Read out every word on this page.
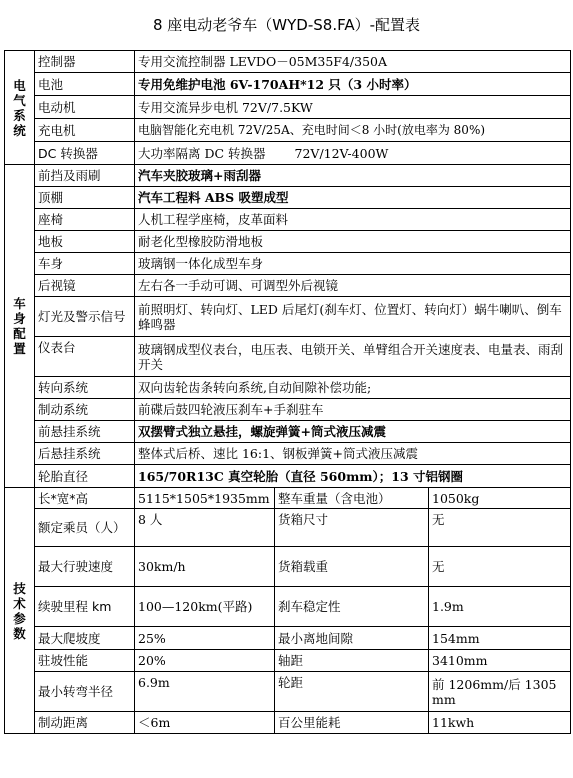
8 座电动老爷车（WYD-S8.FA）-配置表
电气系统	控制器	专用交流控制器 LEVDO－05M35F4/350A		
	电池	专用免维护电池 6V-170AH*12 只（3 小时率）		
	电动机	专用交流异步电机 72V/7.5KW		
	充电机	电脑智能化充电机 72V/25A、充电时间＜8 小时(放电率为 80%)		
	DC 转换器	大功率隔离 DC 转换器　　 72V/12V-400W		
车身配置	前挡及雨刷	汽车夹胶玻璃+雨刮器		
	顶棚	汽车工程料 ABS 吸塑成型		
	座椅	人机工程学座椅，皮革面料		
	地板	耐老化型橡胶防滑地板		
	车身	玻璃钢一体化成型车身		
	后视镜	左右各一手动可调、可调型外后视镜		
	灯光及警示信号	前照明灯、转向灯、LED 后尾灯(刹车灯、位置灯、转向灯）蜗牛喇叭、倒车蜂鸣器		
	仪表台	玻璃钢成型仪表台，电压表、电锁开关、单臂组合开关速度表、电量表、雨刮开关		
	转向系统	双向齿轮齿条转向系统,自动间隙补偿功能;		
	制动系统	前碟后鼓四轮液压刹车+手刹驻车		
	前悬挂系统	双摆臂式独立悬挂，螺旋弹簧+筒式液压减震		
	后悬挂系统	整体式后桥、速比 16:1、钢板弹簧+筒式液压减震		
	轮胎直径	165/70R13C 真空轮胎（直径 560mm）；13 寸铝钢圈		
技术参数	长*宽*高	5115*1505*1935mm	整车重量（含电池）	1050kg
	额定乘员（人）	8 人	货箱尺寸	无
	最大行驶速度	30km/h	货箱载重	无
	续驶里程 km	100—120km(平路)	刹车稳定性	1.9m
	最大爬坡度	25%	最小离地间隙	154mm
	驻坡性能	20%	轴距	3410mm
	最小转弯半径	6.9m	轮距	前 1206mm/后 1305mm
	制动距离	＜6m	百公里能耗	11kwh
